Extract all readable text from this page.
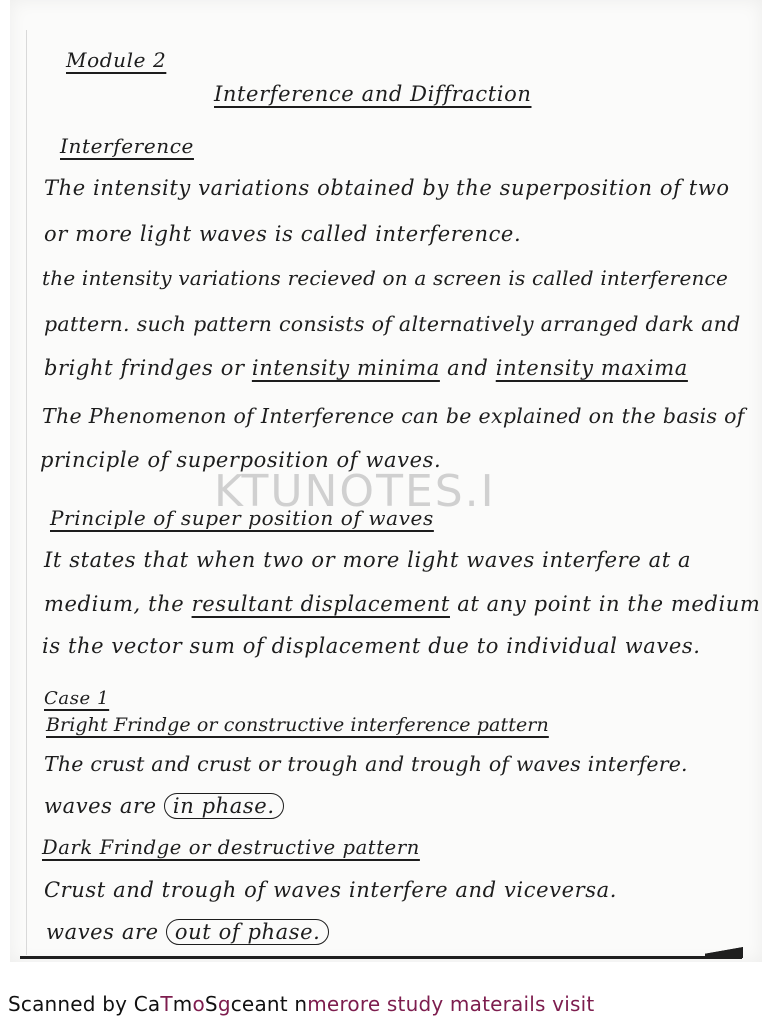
Module 2
Interference and Diffraction
Interference
The intensity variations obtained by the superposition of two
or more light waves is called interference.
the intensity variations recieved on a screen is called interference
pattern. such pattern consists of alternatively arranged dark and
bright frindges or intensity minima and intensity maxima
The Phenomenon of Interference can be explained on the basis of
principle of superposition of waves.
KTUNOTES.I
Principle of super position of waves
It states that when two or more light waves interfere at a
medium, the resultant displacement at any point in the medium
is the vector sum of displacement due to individual waves.
Case 1
Bright Frindge or constructive interference pattern
The crust and crust or trough and trough of waves interfere.
waves are in phase.
Dark Frindge or destructive pattern
Crust and trough of waves interfere and viceversa.
waves are out of phase.
Scanned by CaTmoSgceant nmerore study materails visit
